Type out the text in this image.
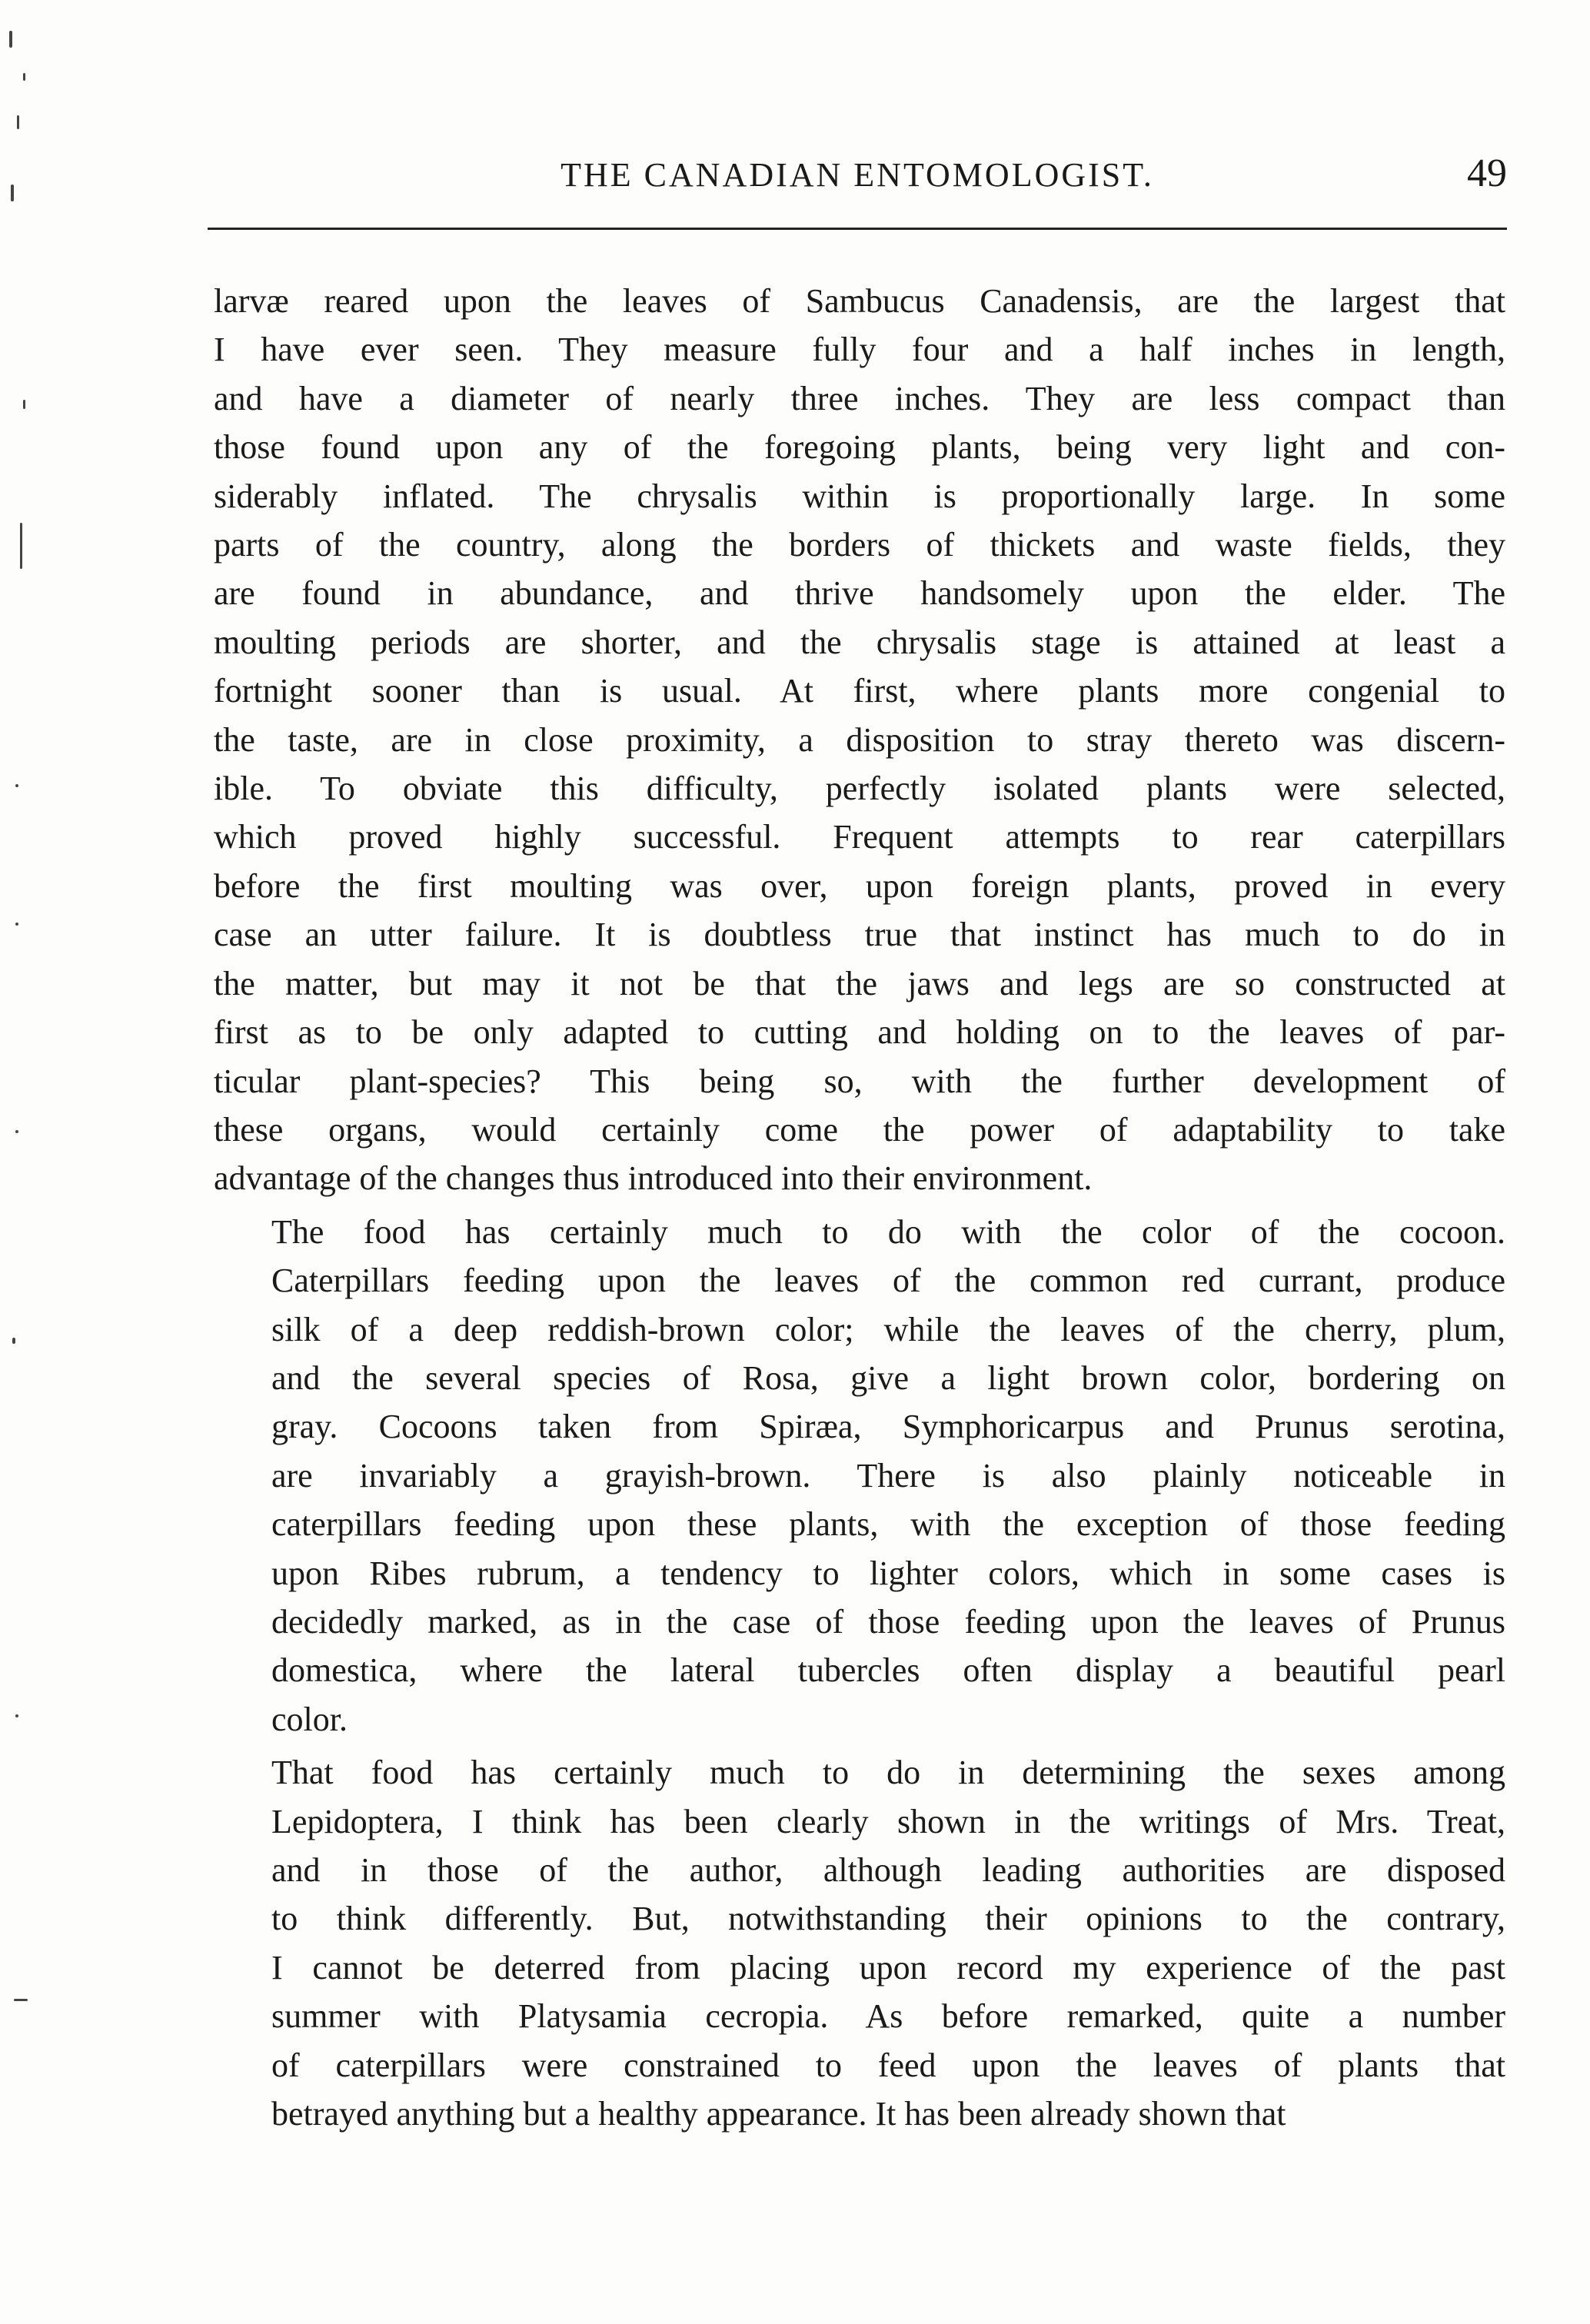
THE CANADIAN ENTOMOLOGIST.	49
larvæ reared upon the leaves of Sambucus Canadensis, are the largest that
I have ever seen. They measure fully four and a half inches in length,
and have a diameter of nearly three inches. They are less compact than
those found upon any of the foregoing plants, being very light and con-
siderably inflated. The chrysalis within is proportionally large. In some
parts of the country, along the borders of thickets and waste fields, they
are found in abundance, and thrive handsomely upon the elder. The
moulting periods are shorter, and the chrysalis stage is attained at least a
fortnight sooner than is usual. At first, where plants more congenial to
the taste, are in close proximity, a disposition to stray thereto was discern-
ible. To obviate this difficulty, perfectly isolated plants were selected,
which proved highly successful. Frequent attempts to rear caterpillars
before the first moulting was over, upon foreign plants, proved in every
case an utter failure. It is doubtless true that instinct has much to do in
the matter, but may it not be that the jaws and legs are so constructed at
first as to be only adapted to cutting and holding on to the leaves of par-
ticular plant-species? This being so, with the further development of
these organs, would certainly come the power of adaptability to take
advantage of the changes thus introduced into their environment.
The food has certainly much to do with the color of the cocoon.
Caterpillars feeding upon the leaves of the common red currant, produce
silk of a deep reddish-brown color; while the leaves of the cherry, plum,
and the several species of Rosa, give a light brown color, bordering on
gray. Cocoons taken from Spiræa, Symphoricarpus and Prunus serotina,
are invariably a grayish-brown. There is also plainly noticeable in
caterpillars feeding upon these plants, with the exception of those feeding
upon Ribes rubrum, a tendency to lighter colors, which in some cases is
decidedly marked, as in the case of those feeding upon the leaves of Prunus
domestica, where the lateral tubercles often display a beautiful pearl
color.
That food has certainly much to do in determining the sexes among
Lepidoptera, I think has been clearly shown in the writings of Mrs. Treat,
and in those of the author, although leading authorities are disposed
to think differently. But, notwithstanding their opinions to the contrary,
I cannot be deterred from placing upon record my experience of the past
summer with Platysamia cecropia. As before remarked, quite a number
of caterpillars were constrained to feed upon the leaves of plants that
betrayed anything but a healthy appearance. It has been already shown that
